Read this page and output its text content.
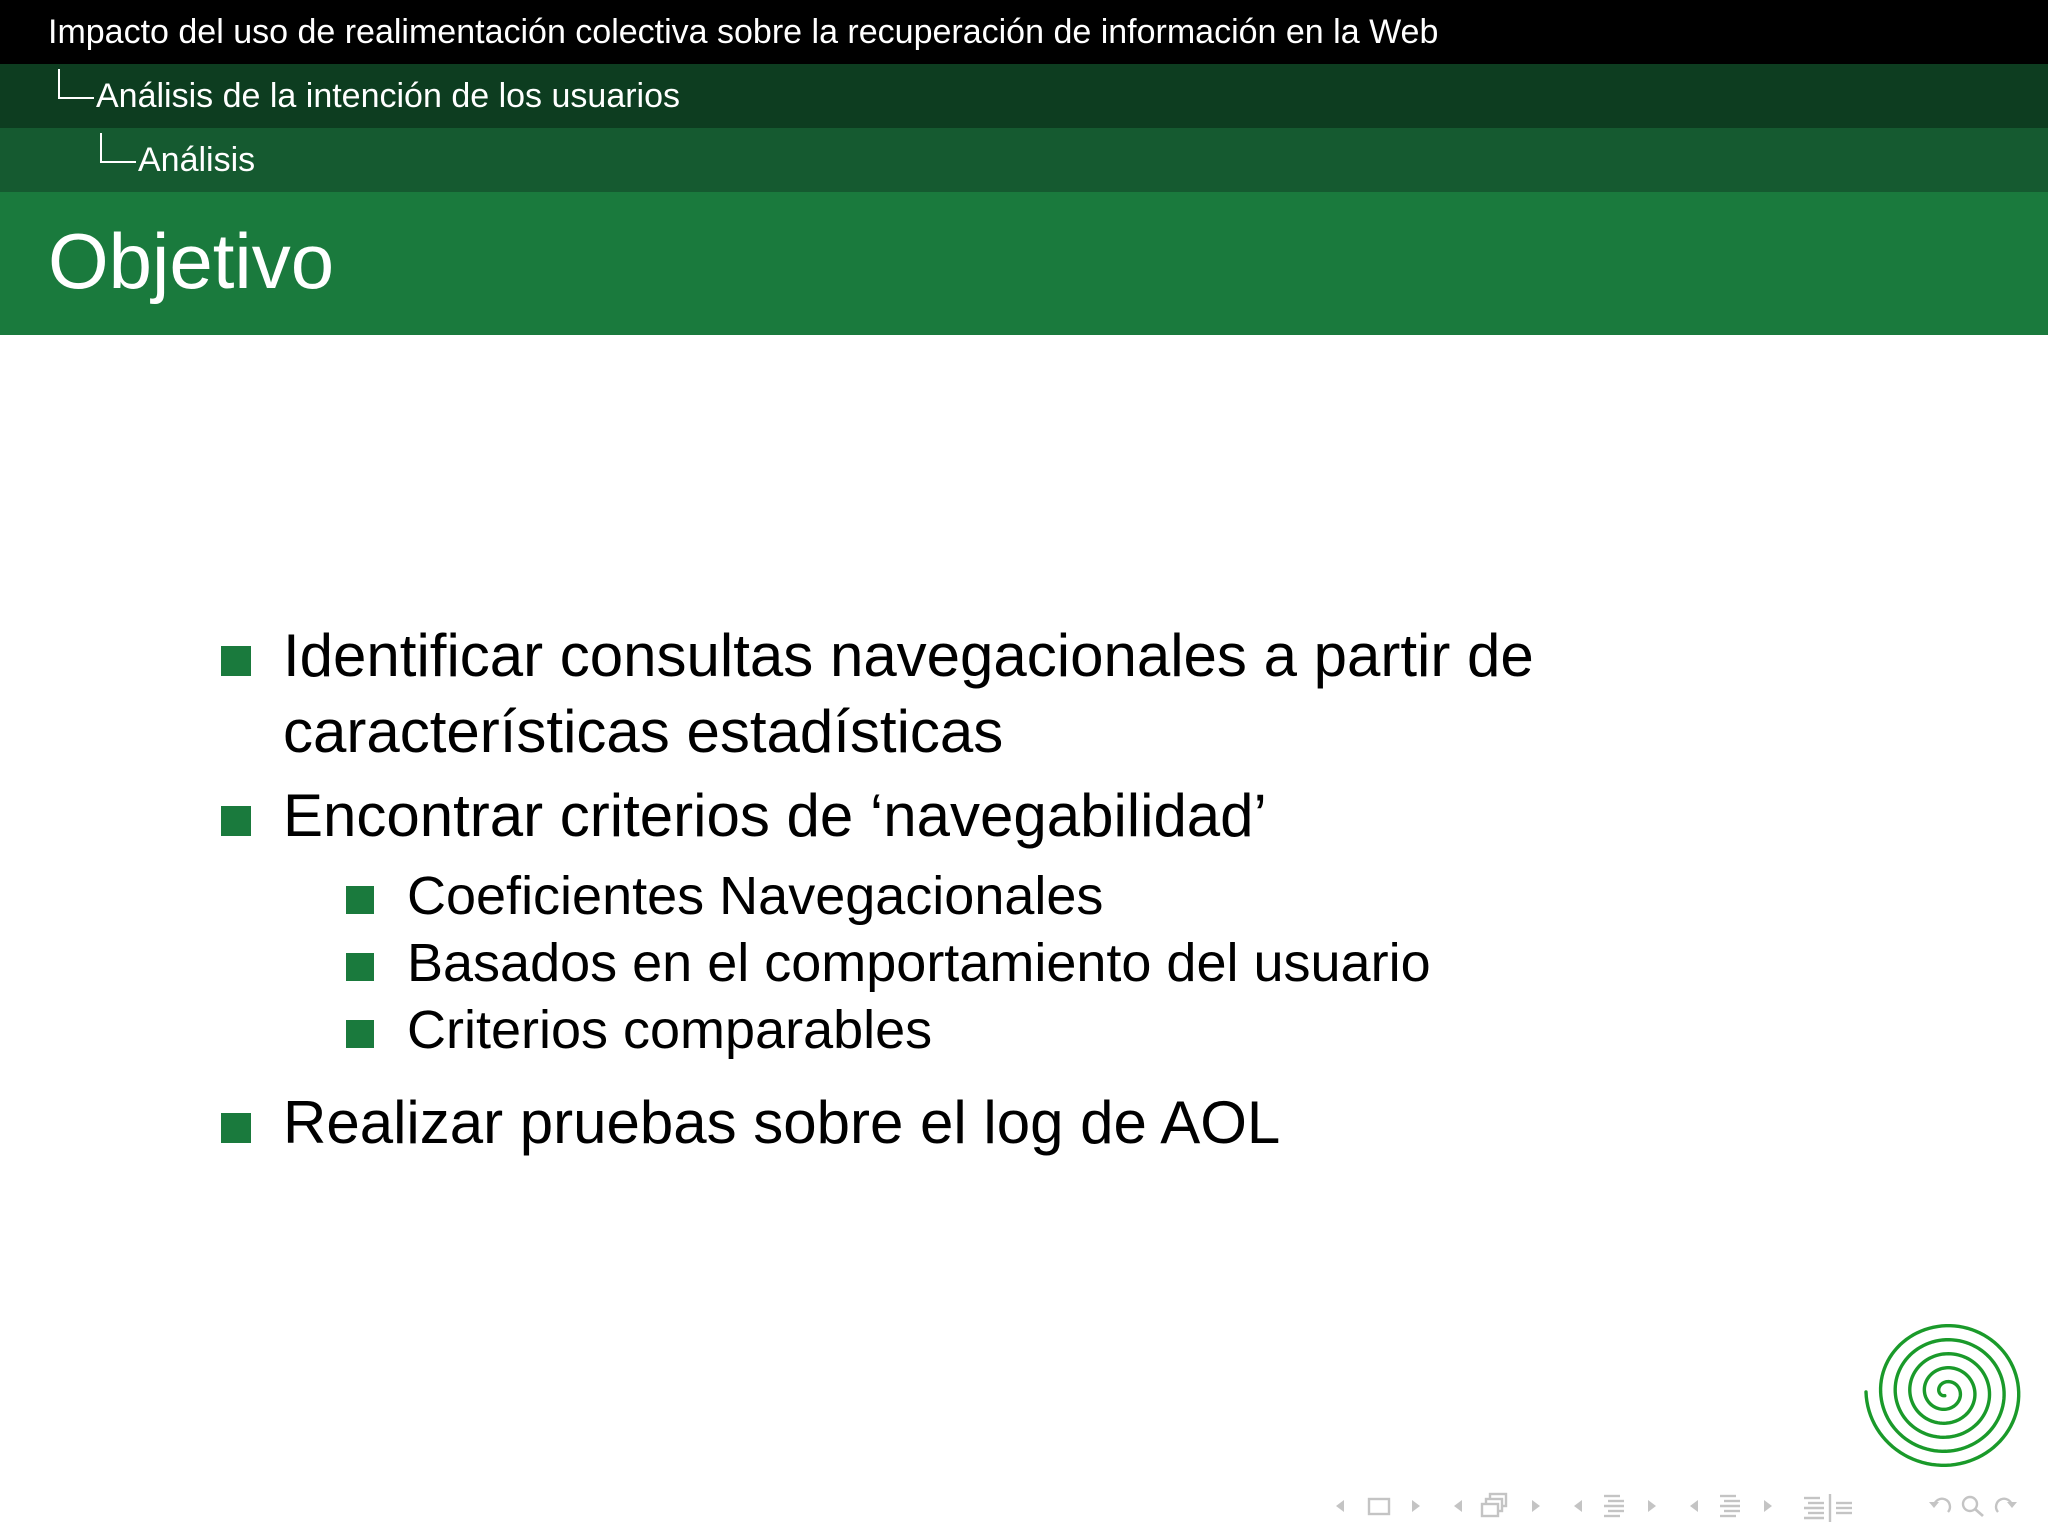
Impacto del uso de realimentación colectiva sobre la recuperación de información en la Web
Análisis de la intención de los usuarios
Análisis
Objetivo
Identificar consultas navegacionales a partir de
características estadísticas
Encontrar criterios de ‘navegabilidad’
Coeficientes Navegacionales
Basados en el comportamiento del usuario
Criterios comparables
Realizar pruebas sobre el log de AOL
